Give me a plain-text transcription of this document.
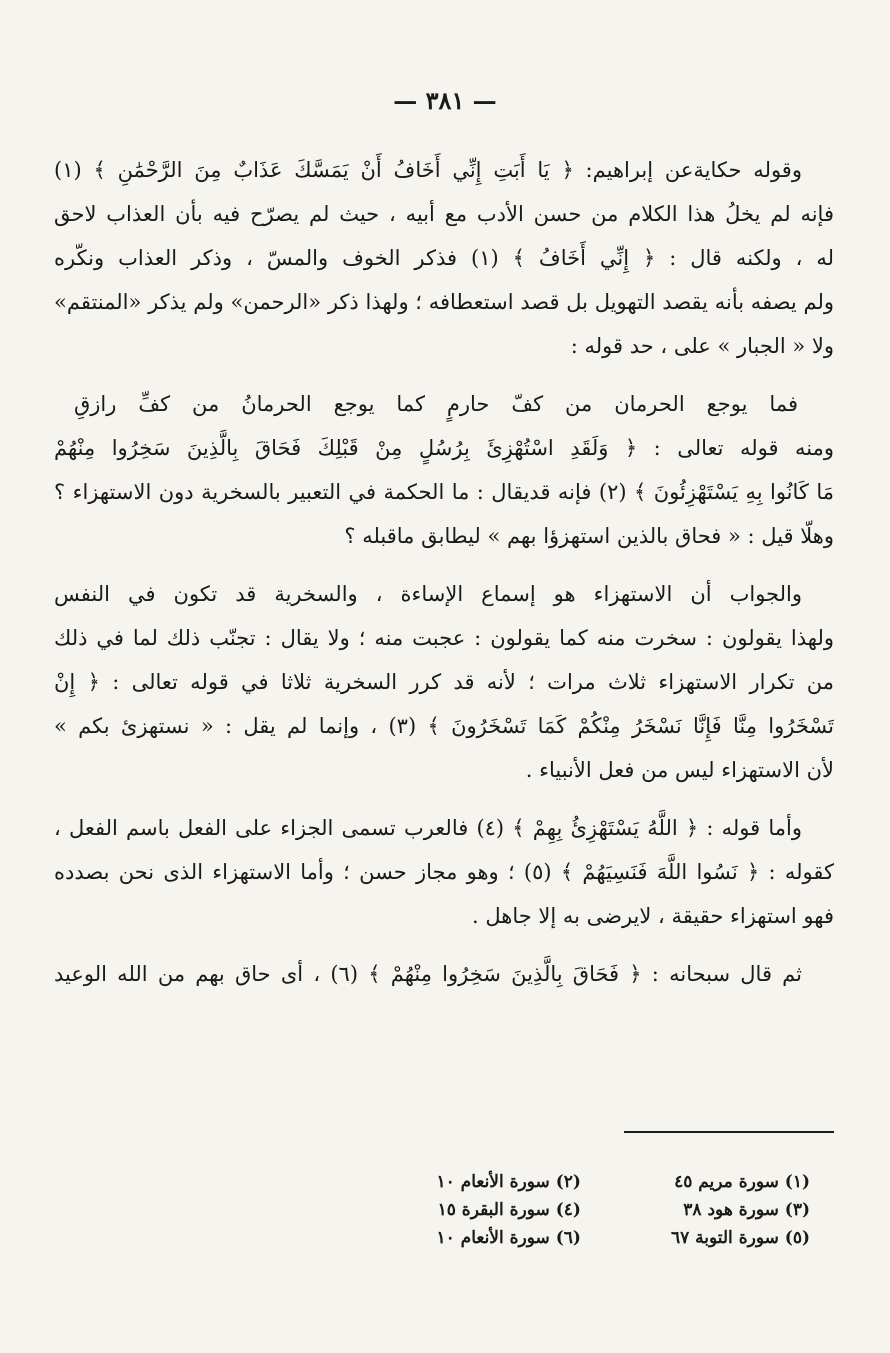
— ٣٨١ —
وقوله حكايةعن إبراهيم: ﴿ يَا أَبَتِ إِنِّي أَخَافُ أَنْ يَمَسَّكَ عَذَابٌ مِنَ الرَّحْمَٰنِ ﴾ (١)
فإنه لم يخلُ هذا الكلام من حسن الأدب مع أبيه ، حيث لم يصرّح فيه بأن العذاب لاحق
له ، ولكنه قال : ﴿ إِنِّي أَخَافُ ﴾ (١) فذكر الخوف والمسّ ، وذكر العذاب ونكّره
ولم يصفه بأنه يقصد التهويل بل قصد استعطافه ؛ ولهذا ذكر «الرحمن» ولم يذكر «المنتقم»
ولا « الجبار » على ، حد قوله :
فما يوجع الحرمان من كفّ حارمٍ كما يوجع الحرمانُ من كفِّ رازقِ
ومنه قوله تعالى : ﴿ وَلَقَدِ اسْتُهْزِئَ بِرُسُلٍ مِنْ قَبْلِكَ فَحَاقَ بِالَّذِينَ سَخِرُوا مِنْهُمْ
مَا كَانُوا بِهِ يَسْتَهْزِئُونَ ﴾ (٢) فإنه قديقال : ما الحكمة في التعبير بالسخرية دون الاستهزاء ؟
وهلّا قيل : « فحاق بالذين استهزؤا بهم » ليطابق ماقبله ؟
والجواب أن الاستهزاء هو إسماع الإساءة ، والسخرية قد تكون في النفس
ولهذا يقولون : سخرت منه كما يقولون : عجبت منه ؛ ولا يقال : تجنّب ذلك لما في ذلك
من تكرار الاستهزاء ثلاث مرات ؛ لأنه قد كرر السخرية ثلاثا في قوله تعالى : ﴿ إِنْ
تَسْخَرُوا مِنَّا فَإِنَّا نَسْخَرُ مِنْكُمْ كَمَا تَسْخَرُونَ ﴾ (٣) ، وإنما لم يقل : « نستهزئ بكم »
لأن الاستهزاء ليس من فعل الأنبياء .
وأما قوله : ﴿ اللَّهُ يَسْتَهْزِئُ بِهِمْ ﴾ (٤) فالعرب تسمى الجزاء على الفعل باسم الفعل ،
كقوله : ﴿ نَسُوا اللَّهَ فَنَسِيَهُمْ ﴾ (٥) ؛ وهو مجاز حسن ؛ وأما الاستهزاء الذى نحن بصدده
فهو استهزاء حقيقة ، لايرضى به إلا جاهل .
ثم قال سبحانه : ﴿ فَحَاقَ بِالَّذِينَ سَخِرُوا مِنْهُمْ ﴾ (٦) ، أى حاق بهم من الله الوعيد
(١) سورة مريم ٤٥
(٣) سورة هود ٣٨
(٥) سورة التوبة ٦٧
(٢) سورة الأنعام ١٠
(٤) سورة البقرة ١٥
(٦) سورة الأنعام ١٠
